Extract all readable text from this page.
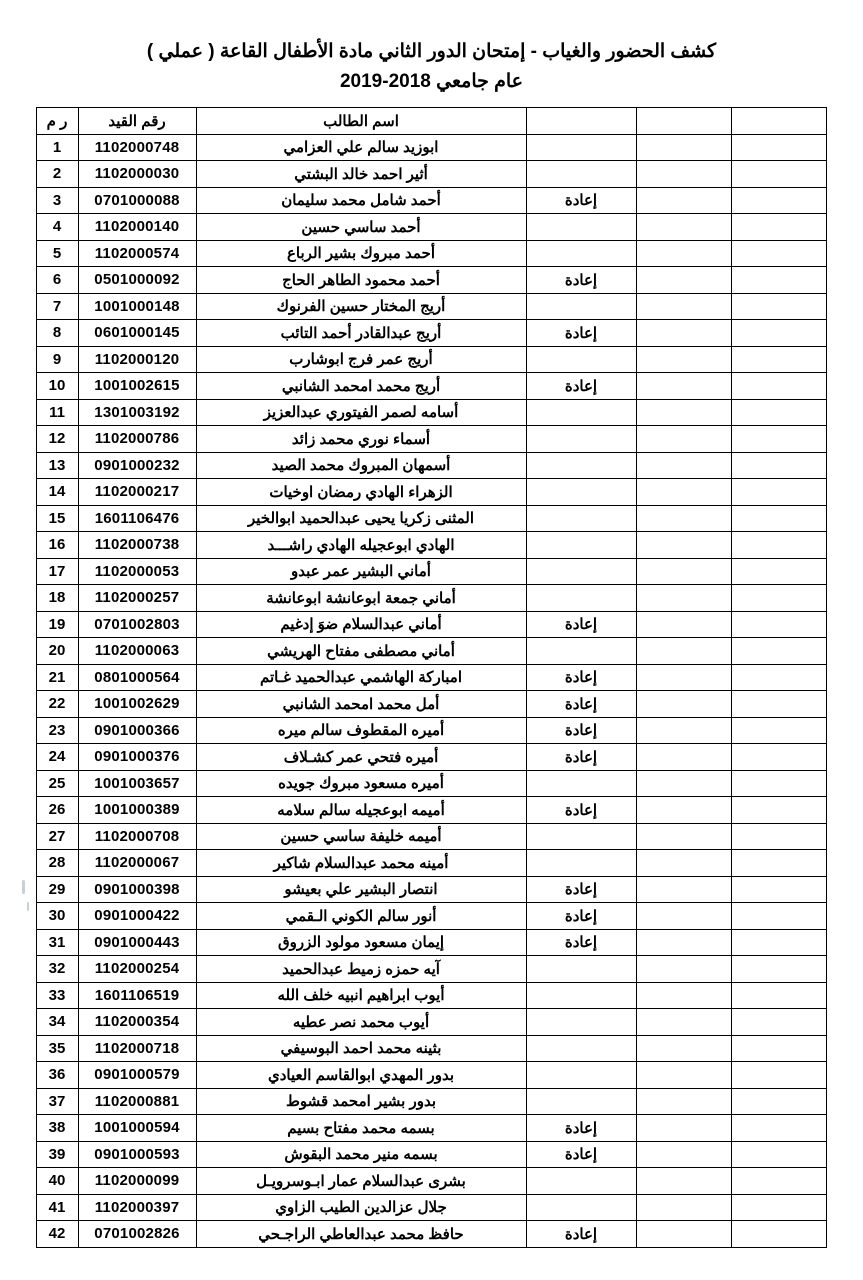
كشف الحضور والغياب - إمتحان الدور الثاني مادة الأطفال القاعة ( عملي )
عام جامعي 2018-2019
			اسم الطالب	رقم القيد	ر م
			ابوزيد سالم علي العزامي	1102000748	1
			أثير احمد خالد البشتي	1102000030	2
		إعادة	أحمد شامل محمد سليمان	0701000088	3
			أحمد ساسي حسين	1102000140	4
			أحمد مبروك بشير الرباع	1102000574	5
		إعادة	أحمد محمود الطاهر الحاج	0501000092	6
			أريج المختار حسين الفرنوك	1001000148	7
		إعادة	أريج عبدالقادر أحمد التائب	0601000145	8
			أريج عمر فرج ابوشارب	1102000120	9
		إعادة	أريج محمد امحمد الشانبي	1001002615	10
			أسامه لصمر الفيتوري عبدالعزيز	1301003192	11
			أسماء نوري محمد زائد	1102000786	12
			أسمهان المبروك محمد الصيد	0901000232	13
			الزهراء الهادي رمضان اوخيات	1102000217	14
			المثنى زكريا يحيى عبدالحميد ابوالخير	1601106476	15
			الهادي ابوعجيله الهادي راشـــد	1102000738	16
			أماني البشير عمر عبدو	1102000053	17
			أماني جمعة ابوعانشة ابوعانشة	1102000257	18
		إعادة	أماني عبدالسلام ضوَ إدغيم	0701002803	19
			أماني مصطفى مفتاح الهريشي	1102000063	20
		إعادة	امباركة الهاشمي عبدالحميد غـاتم	0801000564	21
		إعادة	أمل محمد امحمد الشانبي	1001002629	22
		إعادة	أميره المقطوف سالم ميره	0901000366	23
		إعادة	أميره فتحي عمر كشـلاف	0901000376	24
			أميره مسعود مبروك جويده	1001003657	25
		إعادة	أميمه ابوعجيله سالم سلامه	1001000389	26
			أميمه خليفة ساسي حسين	1102000708	27
			أمينه محمد عبدالسلام شاكير	1102000067	28
		إعادة	انتصار البشير علي بعيشو	0901000398	29
		إعادة	أنور سالم الكوني الـقمي	0901000422	30
		إعادة	إيمان مسعود مولود الزروق	0901000443	31
			آيه حمزه زميط عبدالحميد	1102000254	32
			أيوب ابراهيم انبيه خلف الله	1601106519	33
			أيوب محمد نصر عطيه	1102000354	34
			بثينه محمد احمد البوسيفي	1102000718	35
			بدور المهدي ابوالقاسم العيادي	0901000579	36
			بدور بشير امحمد قشوط	1102000881	37
		إعادة	بسمه محمد مفتاح بسيم	1001000594	38
		إعادة	بسمه منير محمد البقوش	0901000593	39
			بشرى عبدالسلام عمار ابـوسرويـل	1102000099	40
			جلال عزالدين الطيب الزاوي	1102000397	41
		إعادة	حافظ محمد عبدالعاطي الراجـحي	0701002826	42
